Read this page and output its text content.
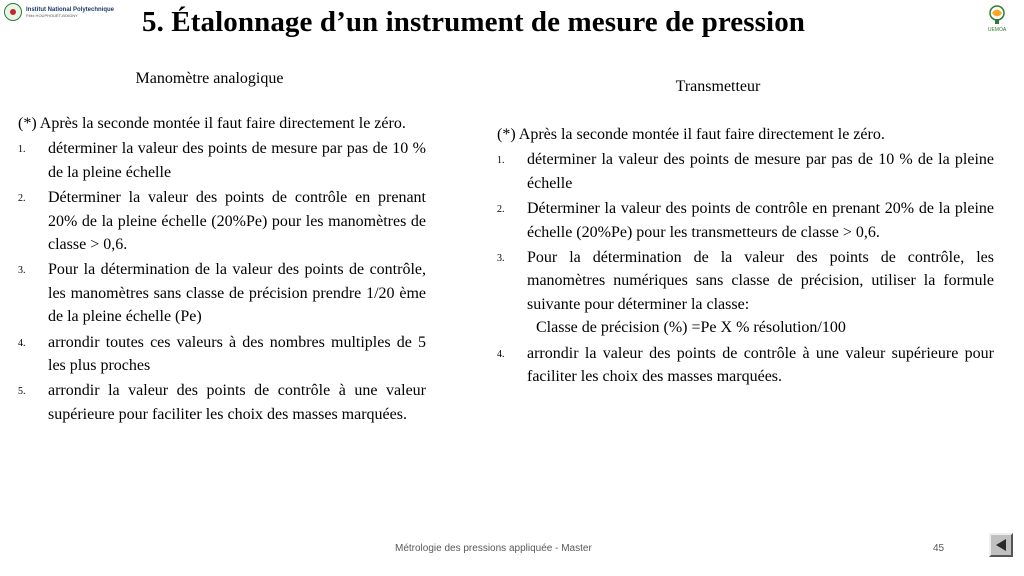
Institut National Polytechnique
Félix HOUPHOUËT-BOIGNY
UEMOA
5. Étalonnage d’un instrument de mesure de pression
Manomètre analogique	Transmetteur

(*) Après la seconde montée il faut faire directement le zéro.

1. déterminer la valeur des points de mesure par pas de 10 % de la pleine échelle
2. Déterminer la valeur des points de contrôle en prenant 20% de la pleine échelle (20%Pe) pour les manomètres de classe > 0,6.
3. Pour la détermination de la valeur des points de contrôle, les manomètres sans classe de précision prendre 1/20 ème de la pleine échelle (Pe)
4. arrondir toutes ces valeurs à des nombres multiples de 5 les plus proches
5. arrondir la valeur des points de contrôle à une valeur supérieure pour faciliter les choix des masses marquées.

(*) Après la seconde montée il faut faire directement le zéro.

1. déterminer la valeur des points de mesure par pas de 10 % de la pleine échelle
2. Déterminer la valeur des points de contrôle en prenant 20% de la pleine échelle (20%Pe) pour les transmetteurs de classe > 0,6.
3. Pour la détermination de la valeur des points de contrôle, les manomètres numériques sans classe de précision, utiliser la formule suivante pour déterminer la classe:

Classe de précision (%) =Pe X % résolution/100

4. arrondir la valeur des points de contrôle à une valeur supérieure pour faciliter les choix des masses marquées.
Métrologie des pressions appliquée - Master	45
